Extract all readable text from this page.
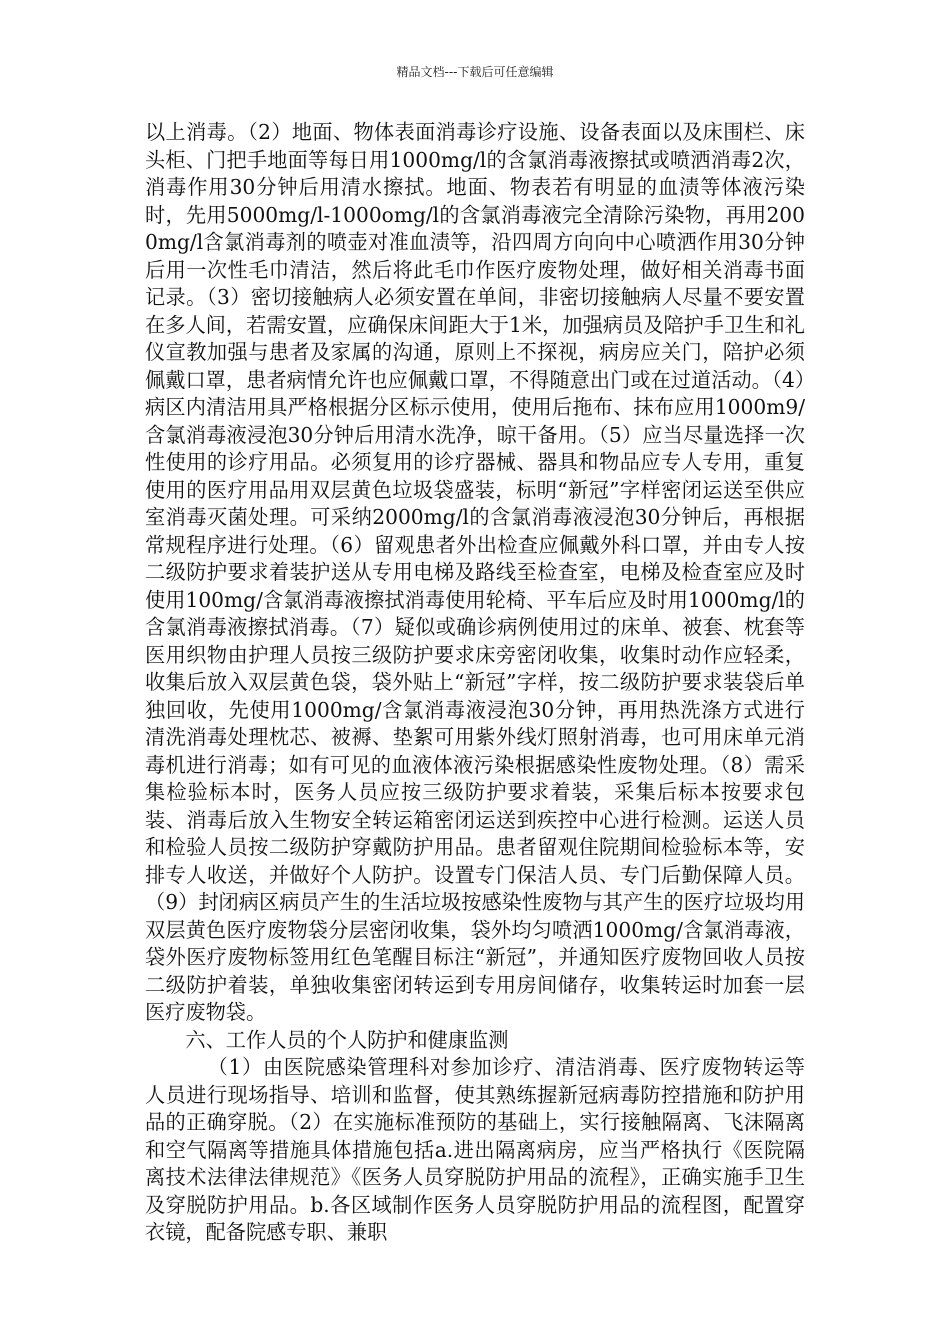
精品文档---下载后可任意编辑

以上消毒。（2）地面、物体表面消毒诊疗设施、设备表面以及床围栏、床头柜、门把手地面等每日用1000mg/l的含氯消毒液擦拭或喷洒消毒2次，消毒作用30分钟后用清水擦拭。地面、物表若有明显的血渍等体液污染时，先用5000mg/l-1000omg/l的含氯消毒液完全清除污染物，再用2000mg/l含氯消毒剂的喷壶对准血渍等，沿四周方向向中心喷洒作用30分钟后用一次性毛巾清洁，然后将此毛巾作医疗废物处理，做好相关消毒书面记录。（3）密切接触病人必须安置在单间，非密切接触病人尽量不要安置在多人间，若需安置，应确保床间距大于1米，加强病员及陪护手卫生和礼仪宣教加强与患者及家属的沟通，原则上不探视，病房应关门，陪护必须佩戴口罩，患者病情允许也应佩戴口罩，不得随意出门或在过道活动。（4）病区内清洁用具严格根据分区标示使用，使用后拖布、抹布应用1000m9/含氯消毒液浸泡30分钟后用清水洗净，晾干备用。（5）应当尽量选择一次性使用的诊疗用品。必须复用的诊疗器械、器具和物品应专人专用，重复使用的医疗用品用双层黄色垃圾袋盛装，标明“新冠”字样密闭运送至供应室消毒灭菌处理。可采纳2000mg/l的含氯消毒液浸泡30分钟后，再根据常规程序进行处理。（6）留观患者外出检查应佩戴外科口罩，并由专人按二级防护要求着装护送从专用电梯及路线至检查室，电梯及检查室应及时使用100mg/含氯消毒液擦拭消毒使用轮椅、平车后应及时用1000mg/l的含氯消毒液擦拭消毒。（7）疑似或确诊病例使用过的床单、被套、枕套等医用织物由护理人员按三级防护要求床旁密闭收集，收集时动作应轻柔，收集后放入双层黄色袋，袋外贴上“新冠”字样，按二级防护要求装袋后单独回收，先使用1000mg/含氯消毒液浸泡30分钟，再用热洗涤方式进行清洗消毒处理枕芯、被褥、垫絮可用紫外线灯照射消毒，也可用床单元消毒机进行消毒；如有可见的血液体液污染根据感染性废物处理。（8）需采集检验标本时，医务人员应按三级防护要求着装，采集后标本按要求包装、消毒后放入生物安全转运箱密闭运送到疾控中心进行检测。运送人员和检验人员按二级防护穿戴防护用品。患者留观住院期间检验标本等，安排专人收送，并做好个人防护。设置专门保洁人员、专门后勤保障人员。（9）封闭病区病员产生的生活垃圾按感染性废物与其产生的医疗垃圾均用双层黄色医疗废物袋分层密闭收集，袋外均匀喷洒1000mg/含氯消毒液，袋外医疗废物标签用红色笔醒目标注“新冠”，并通知医疗废物回收人员按二级防护着装，单独收集密闭转运到专用房间储存，收集转运时加套一层医疗废物袋。

六、工作人员的个人防护和健康监测

（1）由医院感染管理科对参加诊疗、清洁消毒、医疗废物转运等人员进行现场指导、培训和监督，使其熟练握新冠病毒防控措施和防护用品的正确穿脱。（2）在实施标准预防的基础上，实行接触隔离、飞沫隔离和空气隔离等措施具体措施包括a.进出隔离病房，应当严格执行《医院隔离技术法律法律规范》《医务人员穿脱防护用品的流程》，正确实施手卫生及穿脱防护用品。b.各区域制作医务人员穿脱防护用品的流程图，配置穿衣镜，配备院感专职、兼职
